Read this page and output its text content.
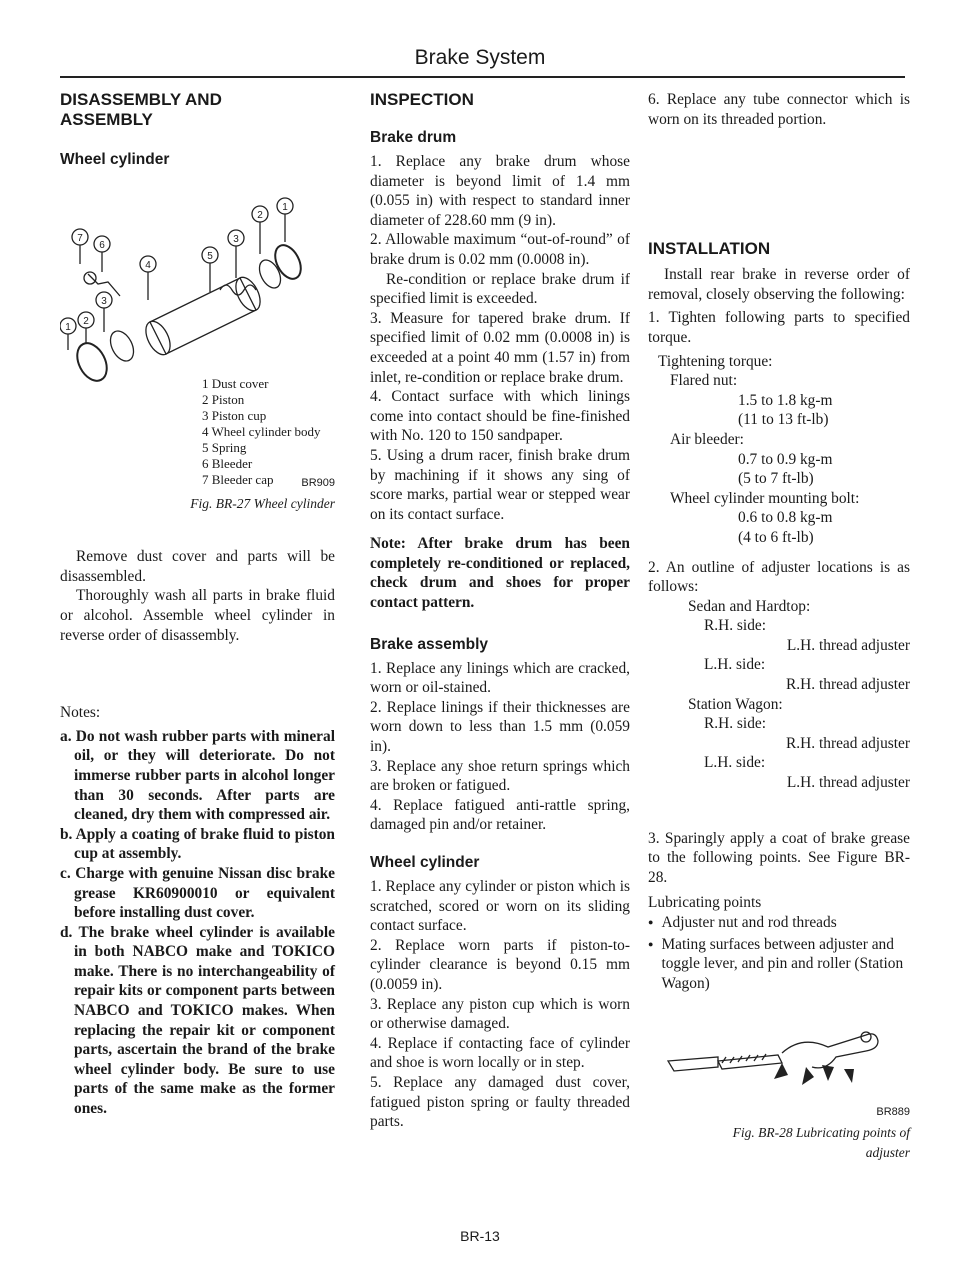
Brake System
DISASSEMBLY AND ASSEMBLY
Wheel cylinder
1
2
3
5
4
7
6
3
2
1
1 Dust cover
2 Piston
3 Piston cup
4 Wheel cylinder body
5 Spring
6 Bleeder
7 Bleeder cap	BR909
Fig. BR-27 Wheel cylinder

Remove dust cover and parts will be disassembled.

Thoroughly wash all parts in brake fluid or alcohol. Assemble wheel cylinder in reverse order of disassembly.

Notes:

a. Do not wash rubber parts with mineral oil, or they will deteriorate. Do not immerse rubber parts in alcohol longer than 30 seconds. After parts are cleaned, dry them with compressed air.

b. Apply a coating of brake fluid to piston cup at assembly.

c. Charge with genuine Nissan disc brake grease KR60900010 or equivalent before installing dust cover.

d. The brake wheel cylinder is available in both NABCO make and TOKICO make. There is no interchangeability of repair kits or component parts between NABCO and TOKICO makes. When replacing the repair kit or component parts, ascertain the brand of the brake wheel cylinder body. Be sure to use parts of the same make as the former ones.

INSPECTION
Brake drum

1. Replace any brake drum whose diameter is beyond limit of 1.4 mm (0.055 in) with respect to standard inner diameter of 228.60 mm (9 in).

2. Allowable maximum “out-of-round” of brake drum is 0.02 mm (0.0008 in).

Re-condition or replace brake drum if specified limit is exceeded.

3. Measure for tapered brake drum. If specified limit of 0.02 mm (0.0008 in) is exceeded at a point 40 mm (1.57 in) from inlet, re-condition or replace brake drum.

4. Contact surface with which linings come into contact should be fine-finished with No. 120 to 150 sandpaper.

5. Using a drum racer, finish brake drum by machining if it shows any sing of score marks, partial wear or stepped wear on its contact surface.

Note: After brake drum has been completely re-conditioned or replaced, check drum and shoes for proper contact pattern.

Brake assembly

1. Replace any linings which are cracked, worn or oil-stained.

2. Replace linings if their thicknesses are worn down to less than 1.5 mm (0.059 in).

3. Replace any shoe return springs which are broken or fatigued.

4. Replace fatigued anti-rattle spring, damaged pin and/or retainer.

Wheel cylinder

1. Replace any cylinder or piston which is scratched, scored or worn on its sliding contact surface.

2. Replace worn parts if piston-to-cylinder clearance is beyond 0.15 mm (0.0059 in).

3. Replace any piston cup which is worn or otherwise damaged.

4. Replace if contacting face of cylinder and shoe is worn locally or in step.

5. Replace any damaged dust cover, fatigued piston spring or faulty threaded parts.

6. Replace any tube connector which is worn on its threaded portion.

INSTALLATION

Install rear brake in reverse order of removal, closely observing the following:

1. Tighten following parts to specified torque.

Tightening torque:

Flared nut:

1.5 to 1.8 kg-m

(11 to 13 ft-lb)

Air bleeder:

0.7 to 0.9 kg-m

(5 to 7 ft-lb)

Wheel cylinder mounting bolt:

0.6 to 0.8 kg-m

(4 to 6 ft-lb)

2. An outline of adjuster locations is as follows:

Sedan and Hardtop:

R.H. side:

L.H. thread adjuster

L.H. side:

R.H. thread adjuster

Station Wagon:

R.H. side:

R.H. thread adjuster

L.H. side:

L.H. thread adjuster

3. Sparingly apply a coat of brake grease to the following points. See Figure BR-28.

Lubricating points

● Adjuster nut and rod threads

●
Mating surfaces between adjuster and toggle lever, and pin and roller (Station Wagon)
BR889
Fig. BR-28 Lubricating points of
adjuster
BR-13
